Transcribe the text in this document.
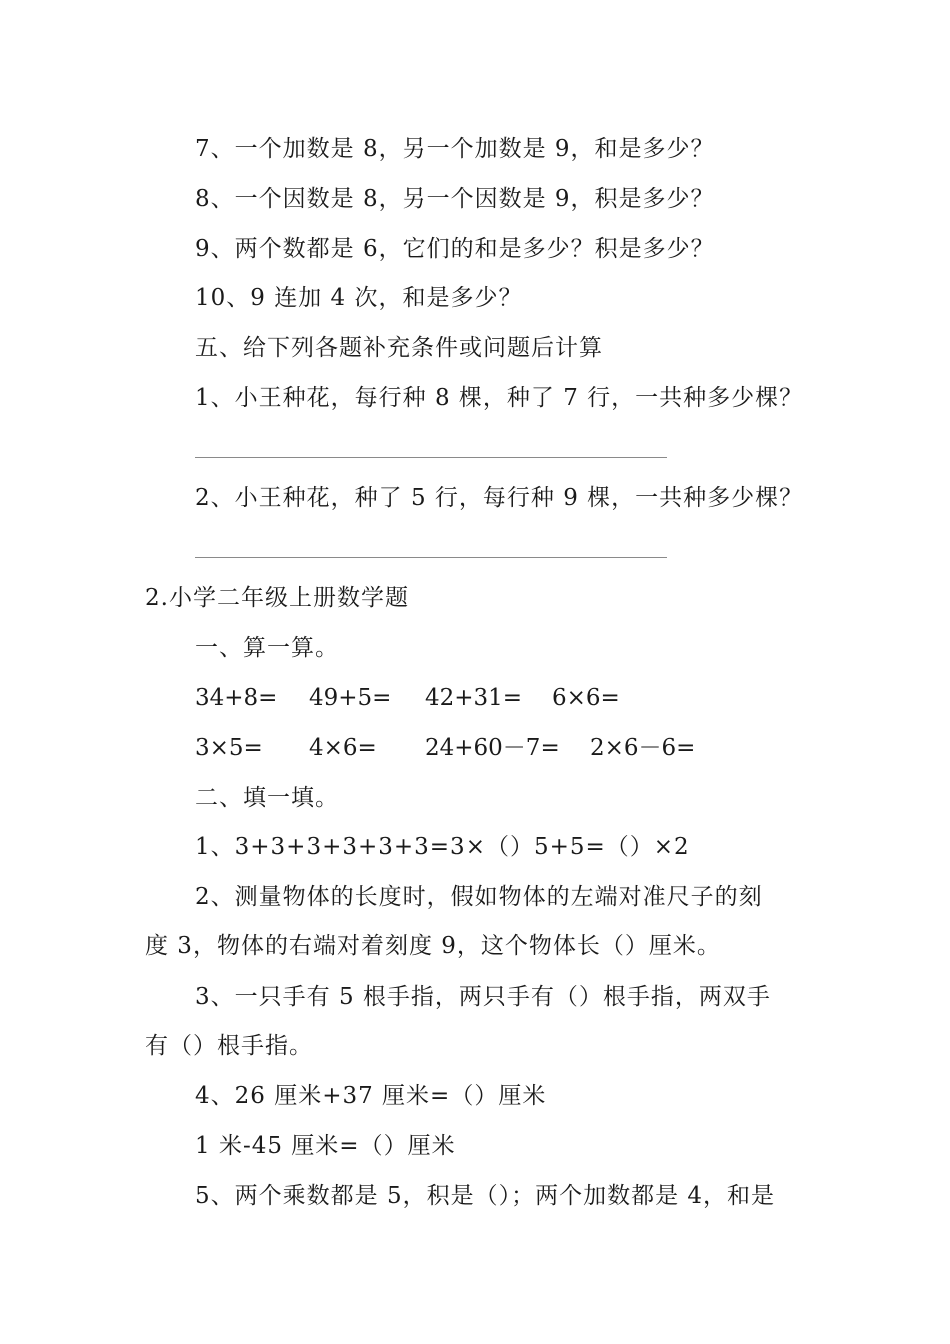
7、一个加数是 8，另一个加数是 9，和是多少？
8、一个因数是 8，另一个因数是 9，积是多少？
9、两个数都是 6，它们的和是多少？积是多少？
10、9 连加 4 次，和是多少？
五、给下列各题补充条件或问题后计算
1、小王种花，每行种 8 棵，种了 7 行，一共种多少棵？
2、小王种花，种了 5 行，每行种 9 棵，一共种多少棵？
2.小学二年级上册数学题
一、算一算。
34+8= 49+5= 42+31= 6×6=
3×5= 4×6= 24+60－7= 2×6－6=
二、填一填。
1、3+3+3+3+3+3=3×（）5+5=（）×2
2、测量物体的长度时，假如物体的左端对准尺子的刻
度 3，物体的右端对着刻度 9，这个物体长（）厘米。
3、一只手有 5 根手指，两只手有（）根手指，两双手
有（）根手指。
4、26 厘米+37 厘米=（）厘米
1 米-45 厘米=（）厘米
5、两个乘数都是 5，积是（）；两个加数都是 4，和是
